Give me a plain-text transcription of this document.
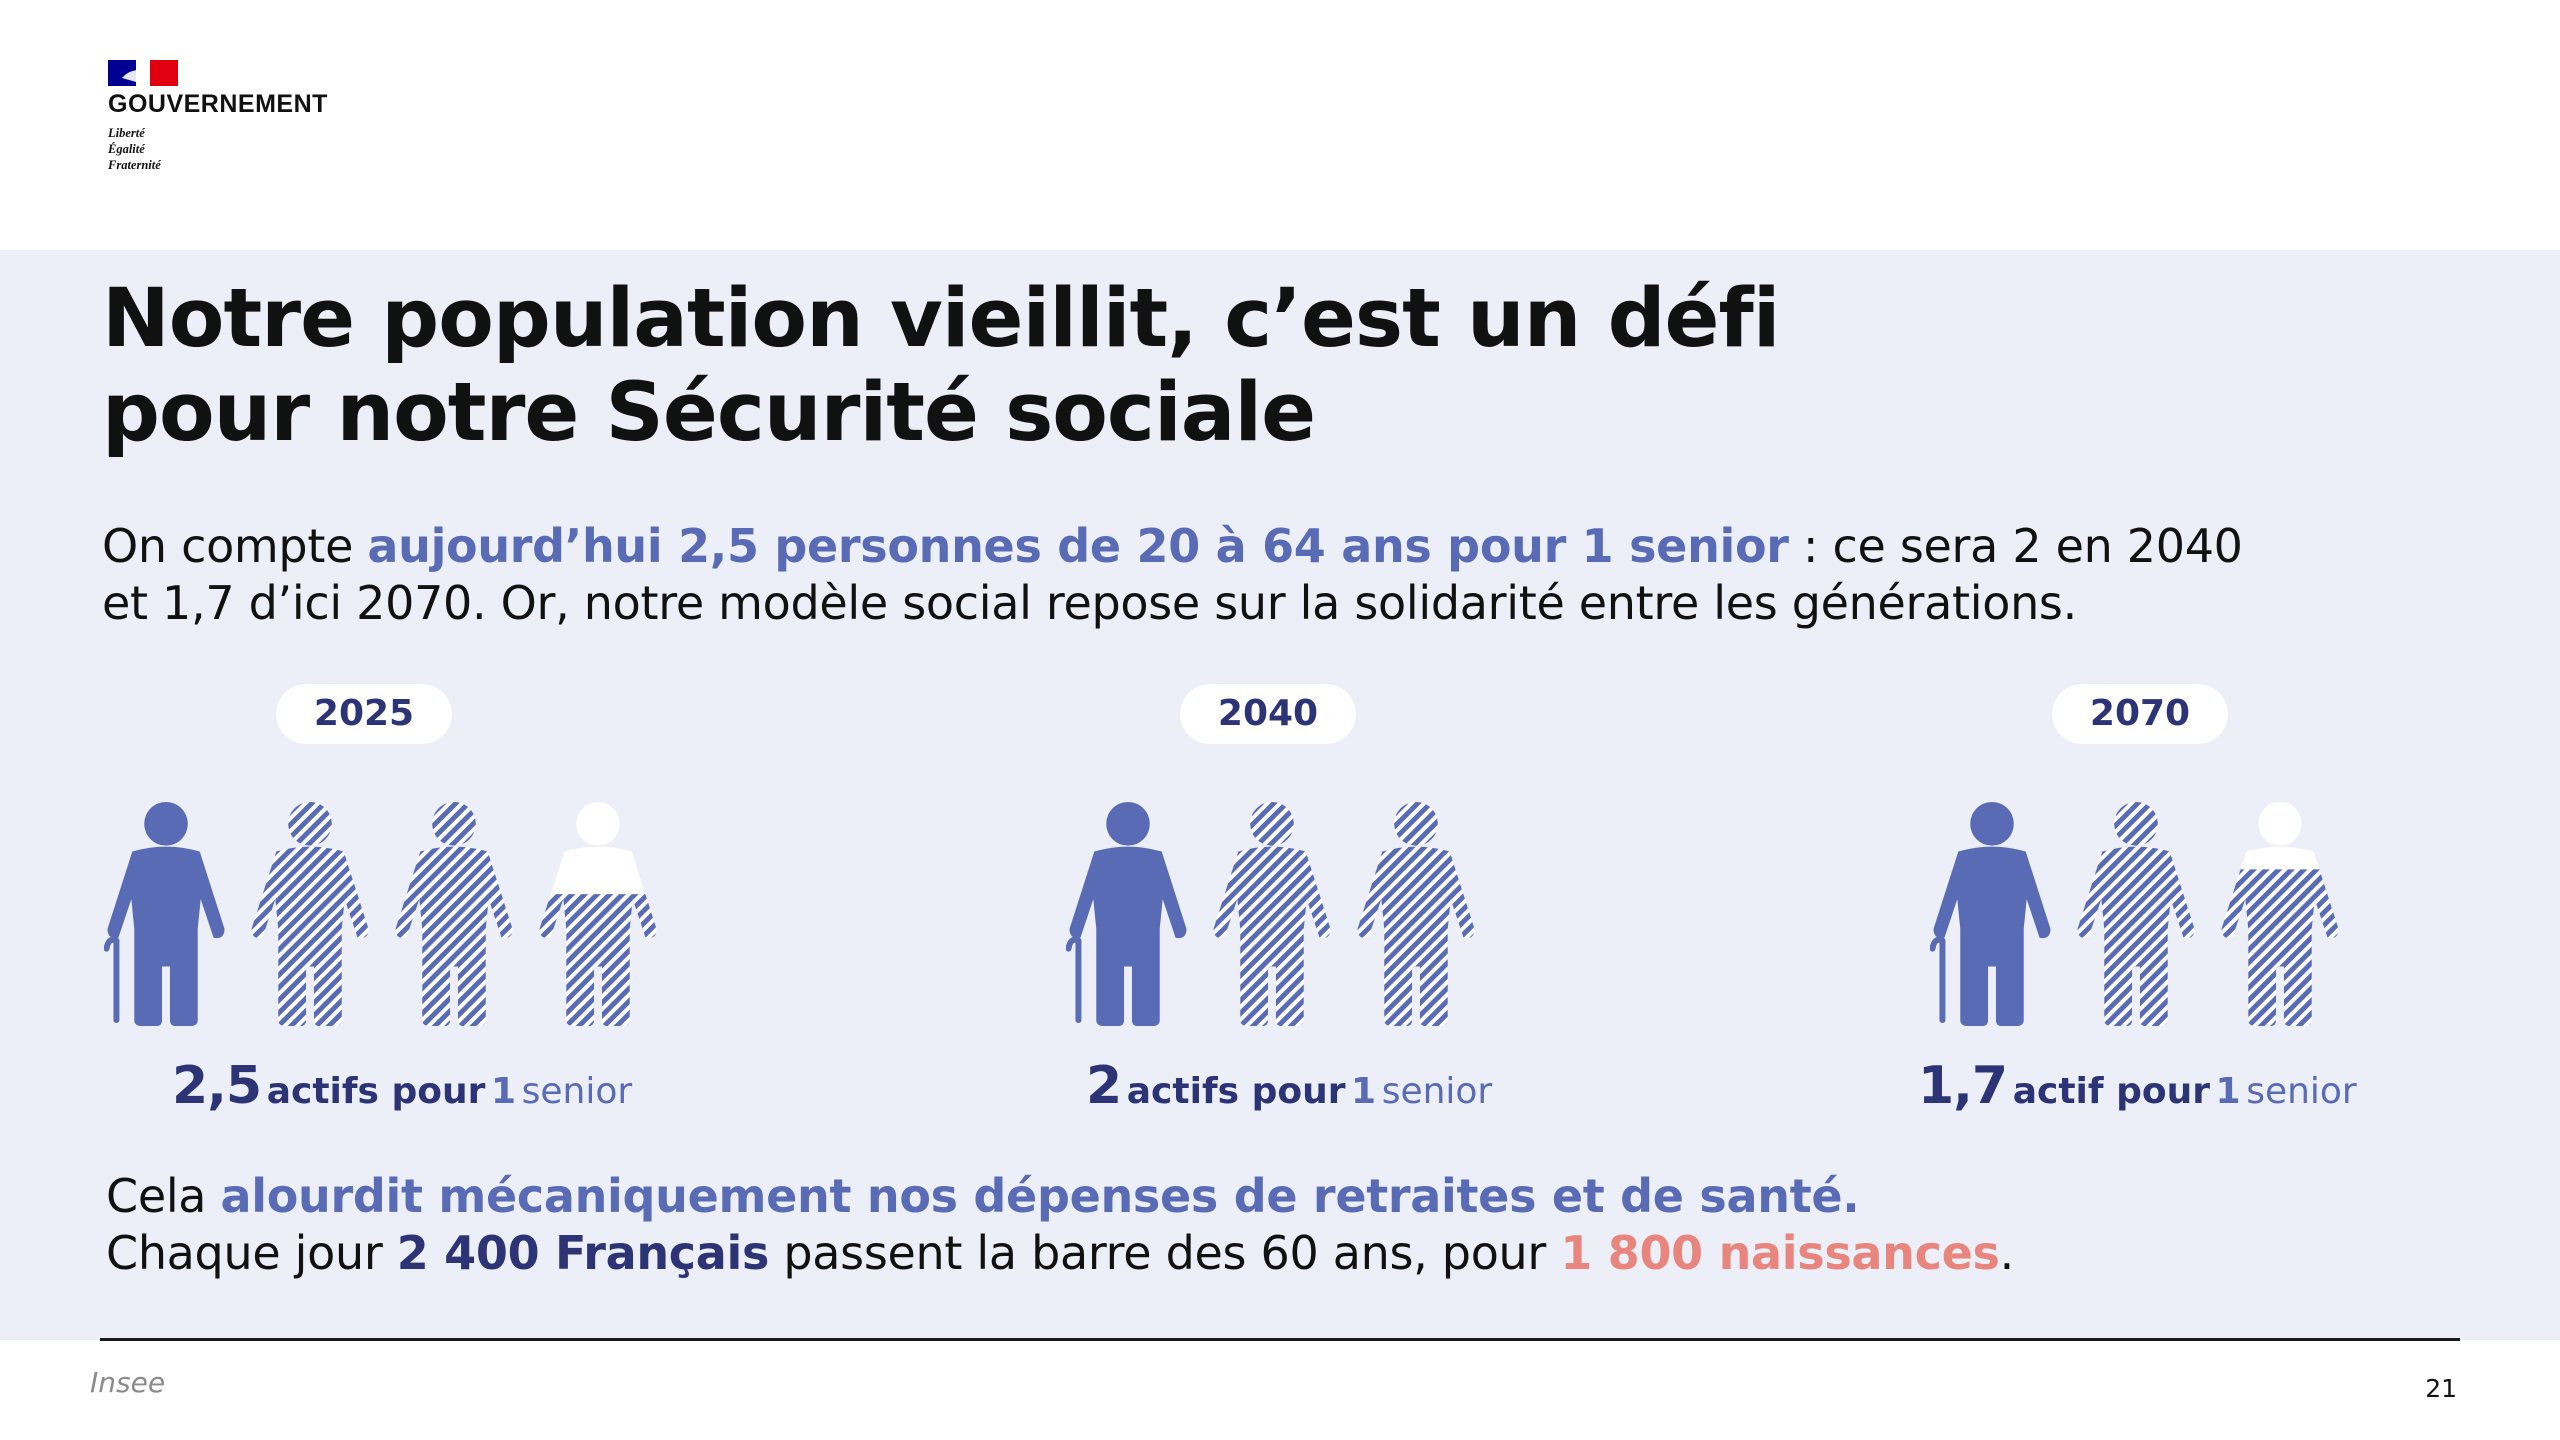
GOUVERNEMENT
Liberté
Égalité
Fraternité
Notre population vieillit, c’est un défi
pour notre Sécurité sociale

On compte aujourd’hui 2,5 personnes de 20 à 64 ans pour 1 senior : ce sera 2 en 2040

et 1,7 d’ici 2070. Or, notre modèle social repose sur la solidarité entre les générations.

2025
2,5 actifs pour 1 senior
2040
2 actifs pour 1 senior
2070
1,7 actif pour 1 senior

Cela alourdit mécaniquement nos dépenses de retraites et de santé.

Chaque jour 2 400 Français passent la barre des 60 ans, pour 1 800 naissances.

Insee	21
